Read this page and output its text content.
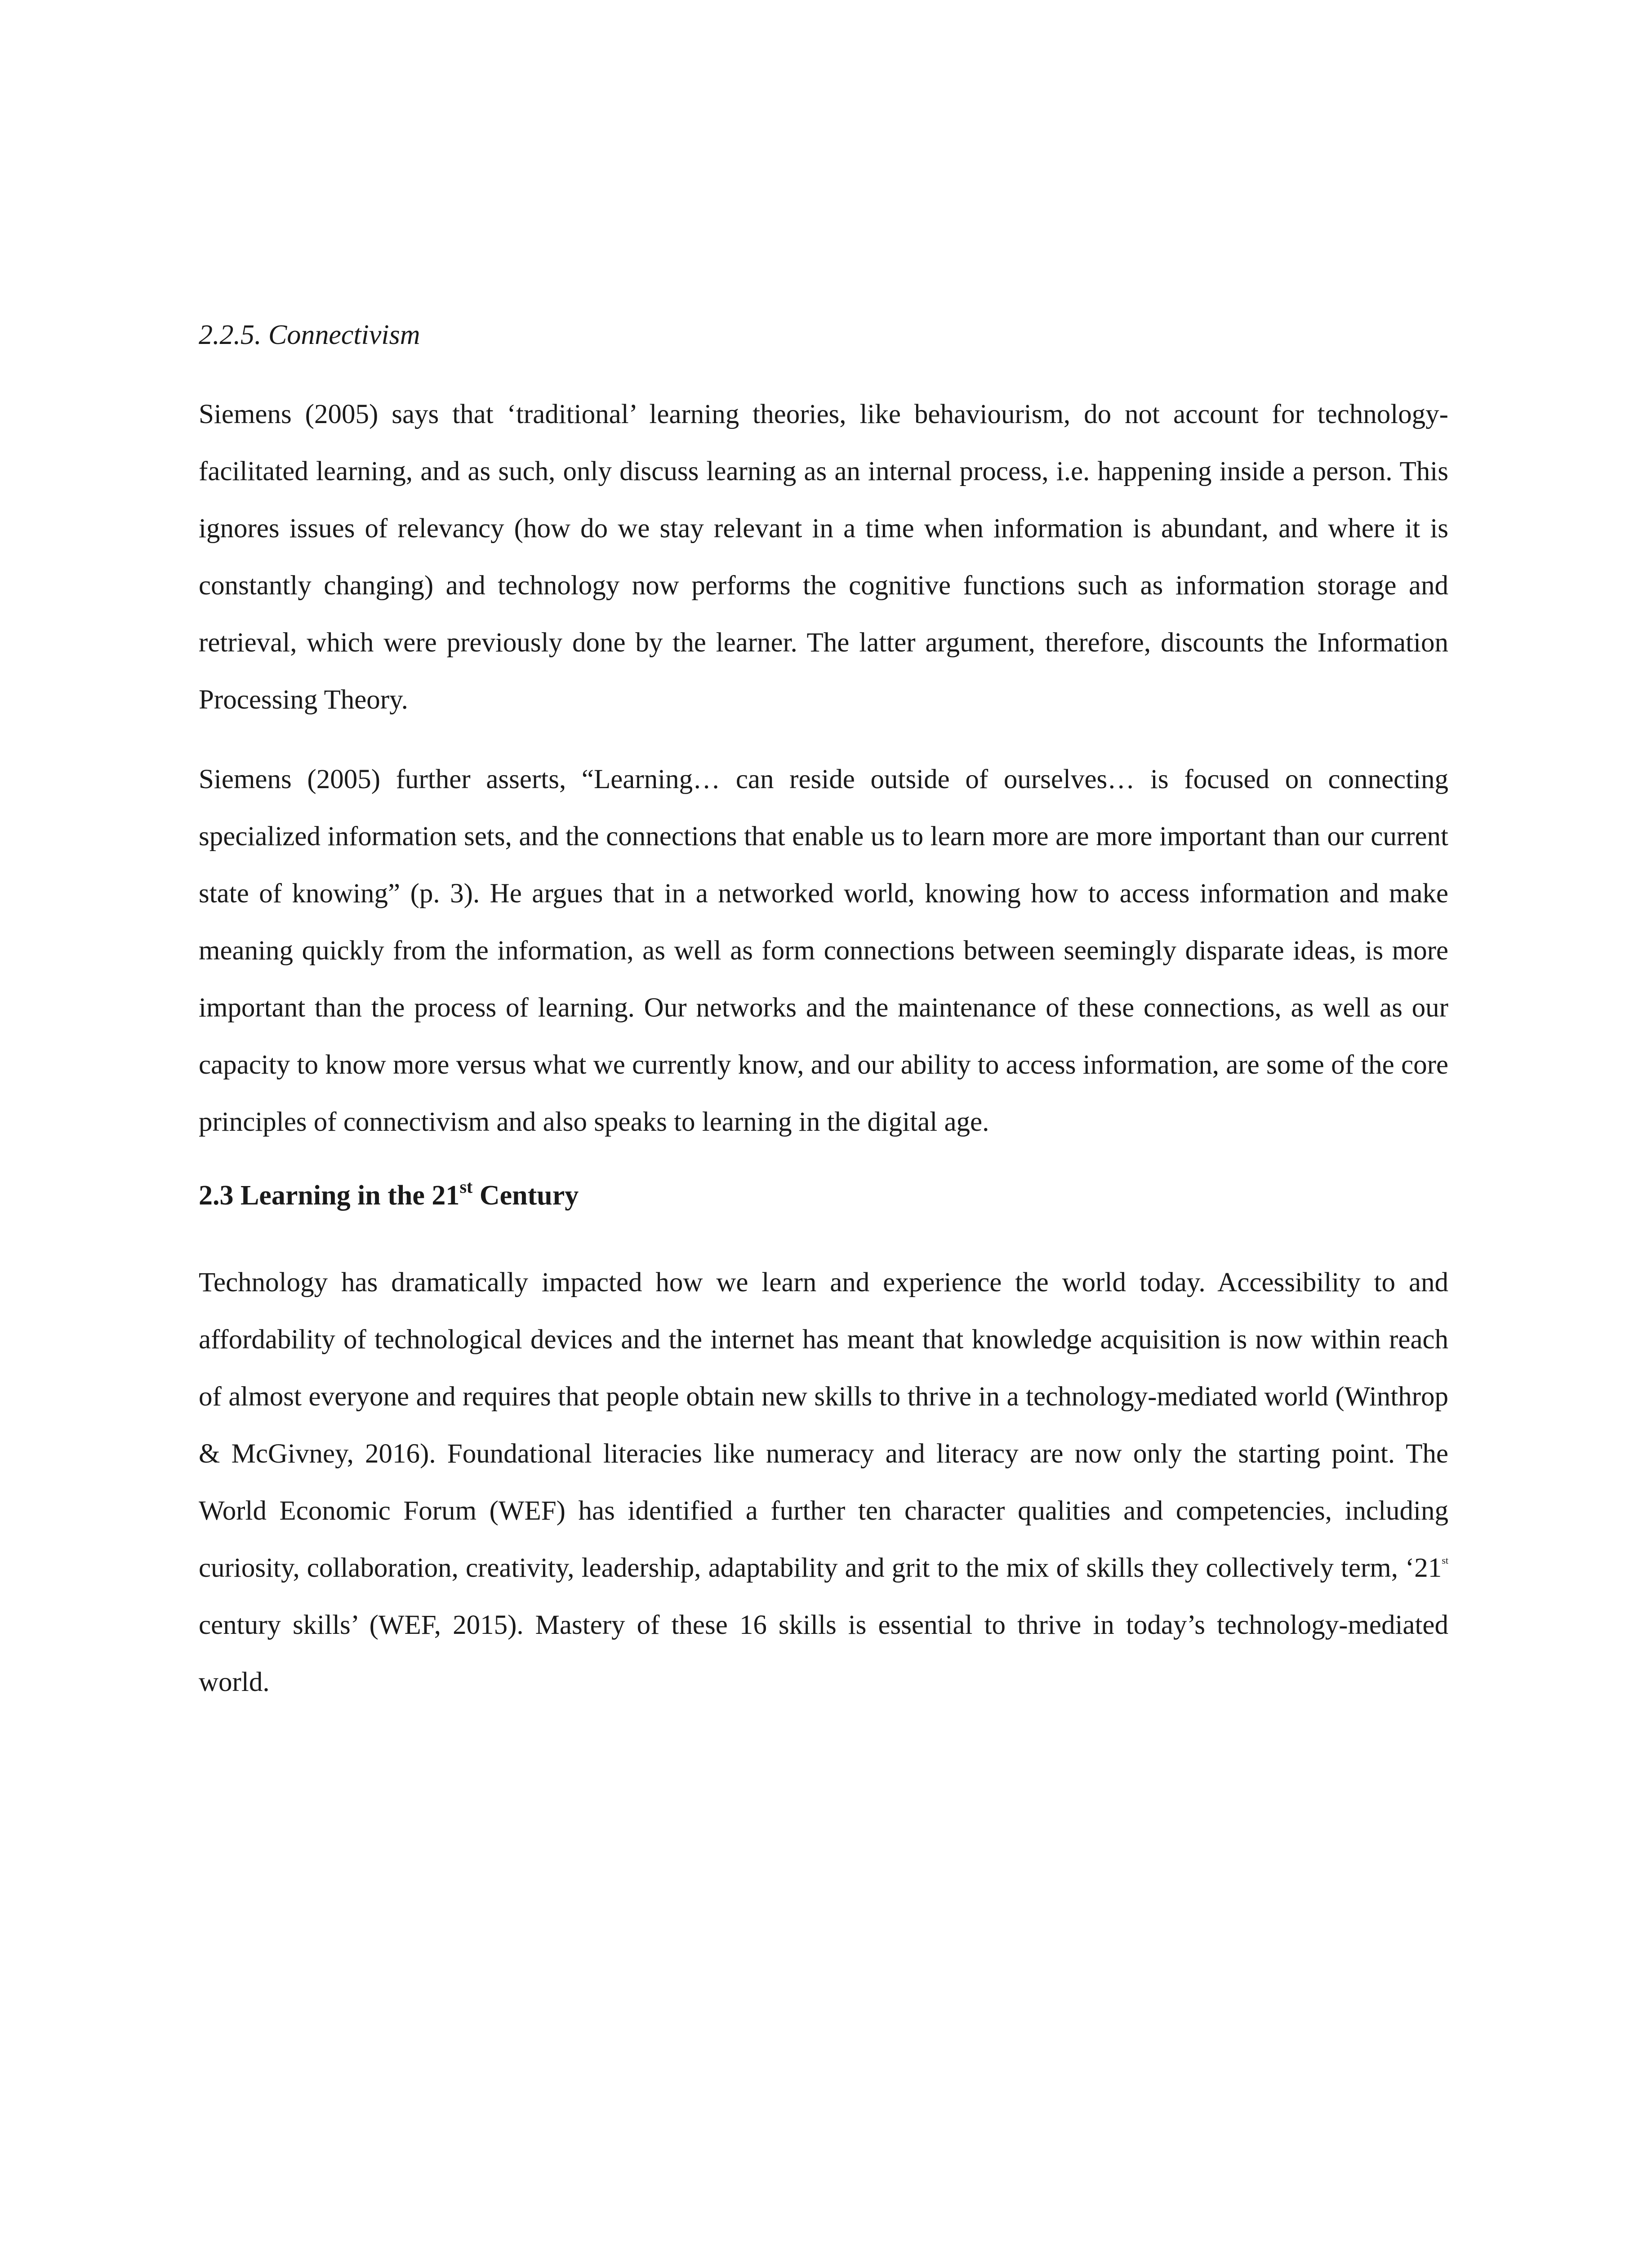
2.2.5. Connectivism

Siemens (2005) says that ‘traditional’ learning theories, like behaviourism, do not account for technology-facilitated learning, and as such, only discuss learning as an internal process, i.e. happening inside a person. This ignores issues of relevancy (how do we stay relevant in a time when information is abundant, and where it is constantly changing) and technology now performs the cognitive functions such as information storage and retrieval, which were previously done by the learner. The latter argument, therefore, discounts the Information Processing Theory.

Siemens (2005) further asserts, “Learning… can reside outside of ourselves… is focused on connecting specialized information sets, and the connections that enable us to learn more are more important than our current state of knowing” (p. 3). He argues that in a networked world, knowing how to access information and make meaning quickly from the information, as well as form connections between seemingly disparate ideas, is more important than the process of learning. Our networks and the maintenance of these connections, as well as our capacity to know more versus what we currently know, and our ability to access information, are some of the core principles of connectivism and also speaks to learning in the digital age.

2.3 Learning in the 21st Century

Technology has dramatically impacted how we learn and experience the world today. Accessibility to and affordability of technological devices and the internet has meant that knowledge acquisition is now within reach of almost everyone and requires that people obtain new skills to thrive in a technology-mediated world (Winthrop & McGivney, 2016). Foundational literacies like numeracy and literacy are now only the starting point. The World Economic Forum (WEF) has identified a further ten character qualities and competencies, including curiosity, collaboration, creativity, leadership, adaptability and grit to the mix of skills they collectively term, ‘21st century skills’ (WEF, 2015). Mastery of these 16 skills is essential to thrive in today’s technology-mediated world.
